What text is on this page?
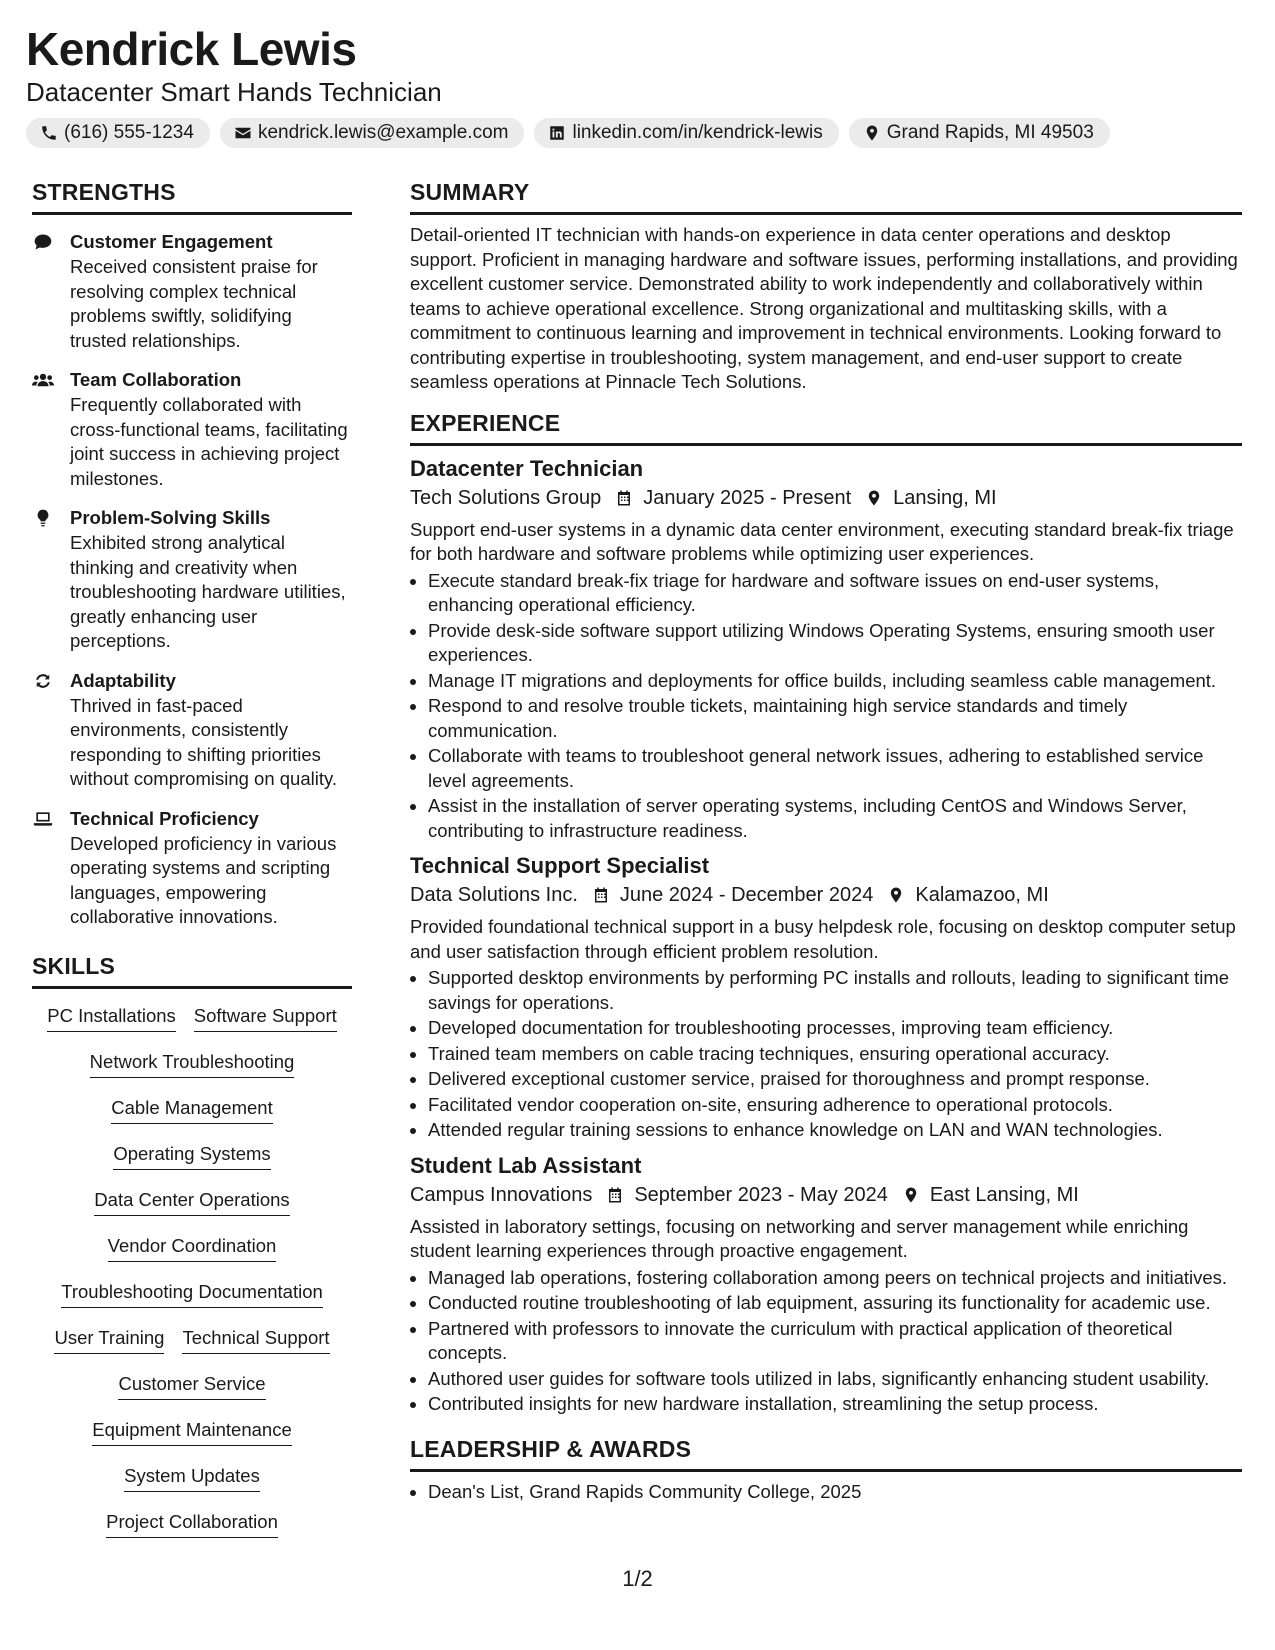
Kendrick Lewis
Datacenter Smart Hands Technician
(616) 555-1234	kendrick.lewis@example.com	linkedin.com/in/kendrick-lewis	Grand Rapids, MI 49503
STRENGTHS
Customer Engagement
Received consistent praise for resolving complex technical problems swiftly, solidifying trusted relationships.
Team Collaboration
Frequently collaborated with cross-functional teams, facilitating joint success in achieving project milestones.
Problem-Solving Skills
Exhibited strong analytical thinking and creativity when troubleshooting hardware utilities, greatly enhancing user perceptions.
Adaptability
Thrived in fast-paced environments, consistently responding to shifting priorities without compromising on quality.
Technical Proficiency
Developed proficiency in various operating systems and scripting languages, empowering collaborative innovations.
SKILLS
PC Installations Software Support
Network Troubleshooting
Cable Management
Operating Systems
Data Center Operations
Vendor Coordination
Troubleshooting Documentation
User Training Technical Support
Customer Service
Equipment Maintenance
System Updates
Project Collaboration
SUMMARY
Detail-oriented IT technician with hands-on experience in data center operations and desktop support. Proficient in managing hardware and software issues, performing installations, and providing excellent customer service. Demonstrated ability to work independently and collaboratively within teams to achieve operational excellence. Strong organizational and multitasking skills, with a commitment to continuous learning and improvement in technical environments. Looking forward to contributing expertise in troubleshooting, system management, and end-user support to create seamless operations at Pinnacle Tech Solutions.
EXPERIENCE
Datacenter Technician
Tech Solutions Group January 2025 - Present Lansing, MI
Support end-user systems in a dynamic data center environment, executing standard break-fix triage for both hardware and software problems while optimizing user experiences.
• Execute standard break-fix triage for hardware and software issues on end-user systems, enhancing operational efficiency.
• Provide desk-side software support utilizing Windows Operating Systems, ensuring smooth user experiences.
• Manage IT migrations and deployments for office builds, including seamless cable management.
• Respond to and resolve trouble tickets, maintaining high service standards and timely communication.
• Collaborate with teams to troubleshoot general network issues, adhering to established service level agreements.
• Assist in the installation of server operating systems, including CentOS and Windows Server, contributing to infrastructure readiness.
Technical Support Specialist
Data Solutions Inc. June 2024 - December 2024 Kalamazoo, MI
Provided foundational technical support in a busy helpdesk role, focusing on desktop computer setup and user satisfaction through efficient problem resolution.
• Supported desktop environments by performing PC installs and rollouts, leading to significant time savings for operations.
• Developed documentation for troubleshooting processes, improving team efficiency.
• Trained team members on cable tracing techniques, ensuring operational accuracy.
• Delivered exceptional customer service, praised for thoroughness and prompt response.
• Facilitated vendor cooperation on-site, ensuring adherence to operational protocols.
• Attended regular training sessions to enhance knowledge on LAN and WAN technologies.
Student Lab Assistant
Campus Innovations September 2023 - May 2024 East Lansing, MI
Assisted in laboratory settings, focusing on networking and server management while enriching student learning experiences through proactive engagement.
• Managed lab operations, fostering collaboration among peers on technical projects and initiatives.
• Conducted routine troubleshooting of lab equipment, assuring its functionality for academic use.
• Partnered with professors to innovate the curriculum with practical application of theoretical concepts.
• Authored user guides for software tools utilized in labs, significantly enhancing student usability.
• Contributed insights for new hardware installation, streamlining the setup process.
LEADERSHIP & AWARDS
• Dean's List, Grand Rapids Community College, 2025
1/2
